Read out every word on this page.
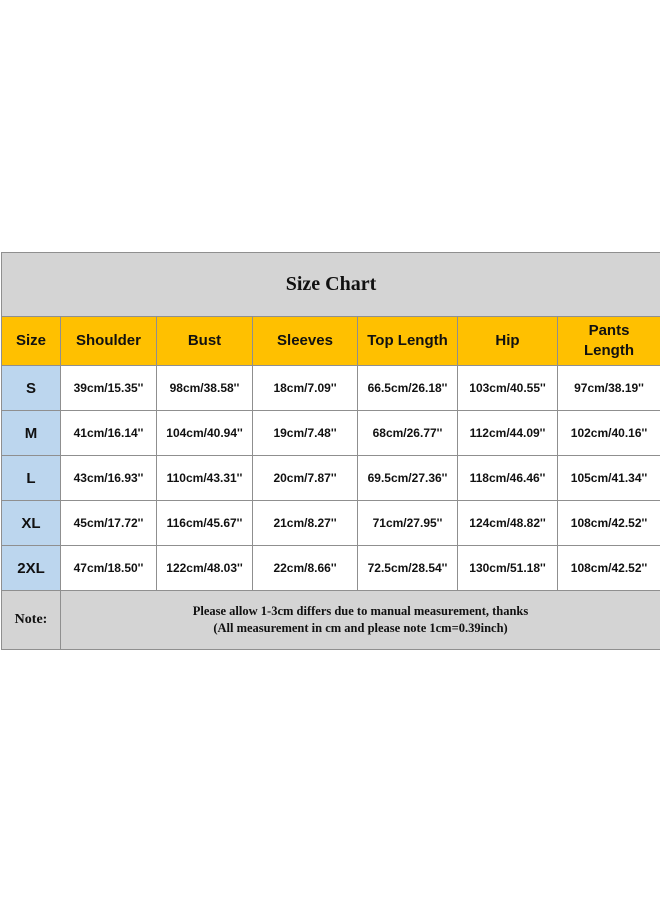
Size Chart						
Size	Shoulder	Bust	Sleeves	Top Length	Hip	Pants Length
S	39cm/15.35''	98cm/38.58''	18cm/7.09''	66.5cm/26.18''	103cm/40.55''	97cm/38.19''
M	41cm/16.14''	104cm/40.94''	19cm/7.48''	68cm/26.77''	112cm/44.09''	102cm/40.16''
L	43cm/16.93''	110cm/43.31''	20cm/7.87''	69.5cm/27.36''	118cm/46.46''	105cm/41.34''
XL	45cm/17.72''	116cm/45.67''	21cm/8.27''	71cm/27.95''	124cm/48.82''	108cm/42.52''
2XL	47cm/18.50''	122cm/48.03''	22cm/8.66''	72.5cm/28.54''	130cm/51.18''	108cm/42.52''
Note:	Please allow 1-3cm differs due to manual measurement, thanks
(All measurement in cm and please note 1cm=0.39inch)					
